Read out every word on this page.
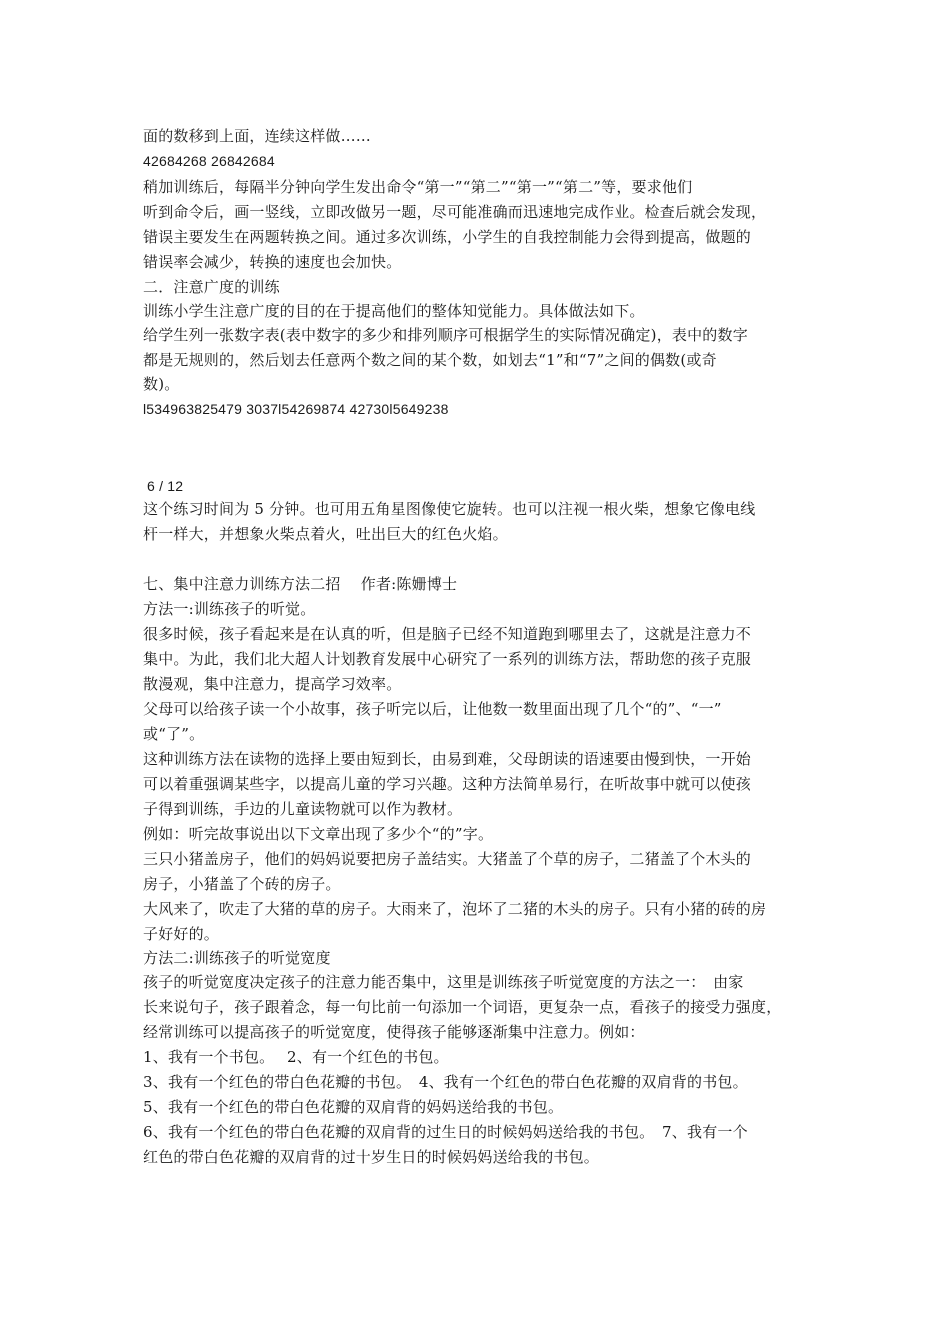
面的数移到上面，连续这样做……
42684268 26842684
稍加训练后，每隔半分钟向学生发出命令“第一”“第二”“第一”“第二”等，要求他们
听到命令后，画一竖线，立即改做另一题，尽可能准确而迅速地完成作业。检查后就会发现，
错误主要发生在两题转换之间。通过多次训练，小学生的自我控制能力会得到提高，做题的
错误率会减少，转换的速度也会加快。
二．注意广度的训练
训练小学生注意广度的目的在于提高他们的整体知觉能力。具体做法如下。
给学生列一张数字表(表中数字的多少和排列顺序可根据学生的实际情况确定)，表中的数字
都是无规则的，然后划去任意两个数之间的某个数，如划去“1”和“7”之间的偶数(或奇
数)。
l534963825479 3037l54269874 42730l5649238
6 / 12
这个练习时间为 5 分钟。也可用五角星图像使它旋转。也可以注视一根火柴，想象它像电线
杆一样大，并想象火柴点着火，吐出巨大的红色火焰。
七、集中注意力训练方法二招　 作者:陈姗博士
方法一:训练孩子的听觉。
很多时候，孩子看起来是在认真的听，但是脑子已经不知道跑到哪里去了，这就是注意力不
集中。为此，我们北大超人计划教育发展中心研究了一系列的训练方法，帮助您的孩子克服
散漫观，集中注意力，提高学习效率。
父母可以给孩子读一个小故事，孩子听完以后，让他数一数里面出现了几个“的”、“一”
或“了”。
这种训练方法在读物的选择上要由短到长，由易到难，父母朗读的语速要由慢到快，一开始
可以着重强调某些字，以提高儿童的学习兴趣。这种方法简单易行，在听故事中就可以使孩
子得到训练，手边的儿童读物就可以作为教材。
例如：听完故事说出以下文章出现了多少个“的”字。
三只小猪盖房子，他们的妈妈说要把房子盖结实。大猪盖了个草的房子，二猪盖了个木头的
房子，小猪盖了个砖的房子。
大风来了，吹走了大猪的草的房子。大雨来了，泡坏了二猪的木头的房子。只有小猪的砖的房
子好好的。
方法二:训练孩子的听觉宽度
孩子的听觉宽度决定孩子的注意力能否集中，这里是训练孩子听觉宽度的方法之一：　由家
长来说句子，孩子跟着念，每一句比前一句添加一个词语，更复杂一点，看孩子的接受力强度，
经常训练可以提高孩子的听觉宽度，使得孩子能够逐渐集中注意力。例如：
1、我有一个书包。　 2、有一个红色的书包。
3、我有一个红色的带白色花瓣的书包。　4、我有一个红色的带白色花瓣的双肩背的书包。
5、我有一个红色的带白色花瓣的双肩背的妈妈送给我的书包。
6、我有一个红色的带白色花瓣的双肩背的过生日的时候妈妈送给我的书包。　7、我有一个
红色的带白色花瓣的双肩背的过十岁生日的时候妈妈送给我的书包。
